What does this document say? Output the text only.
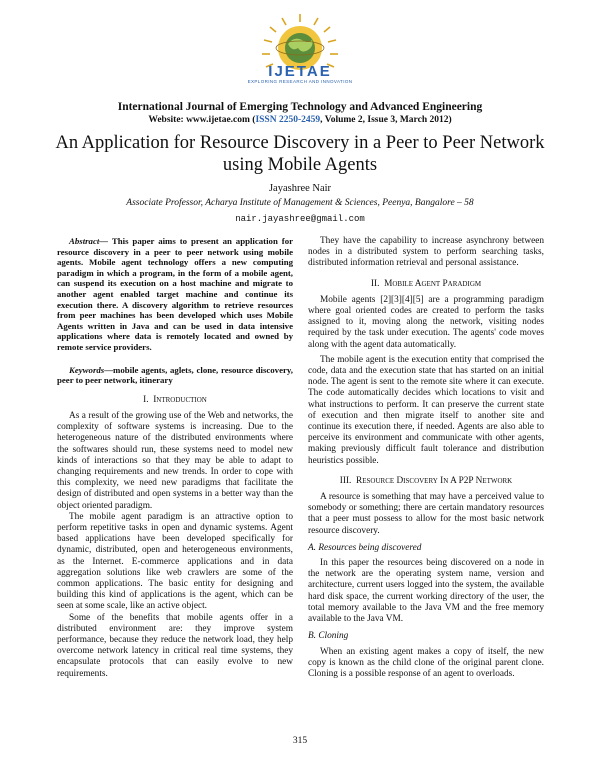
IJETAE
EXPLORING RESEARCH AND INNOVATION
International Journal of Emerging Technology and Advanced Engineering
Website: www.ijetae.com (ISSN 2250-2459, Volume 2, Issue 3, March 2012)
An Application for Resource Discovery in a Peer to Peer Network using Mobile Agents
Jayashree Nair
Associate Professor, Acharya Institute of Management & Sciences, Peenya, Bangalore – 58
nair.jayashree@gmail.com

Abstract— This paper aims to present an application for resource discovery in a peer to peer network using mobile agents. Mobile agent technology offers a new computing paradigm in which a program, in the form of a mobile agent, can suspend its execution on a host machine and migrate to another agent enabled target machine and continue its execution there. A discovery algorithm to retrieve resources from peer machines has been developed which uses Mobile Agents written in Java and can be used in data intensive applications where data is remotely located and owned by remote service providers.

Keywords—mobile agents, aglets, clone, resource discovery, peer to peer network, itinerary

I. Introduction

As a result of the growing use of the Web and networks, the complexity of software systems is increasing. Due to the heterogeneous nature of the distributed environments where the softwares should run, these systems need to model new kinds of interactions so that they may be able to adapt to changing requirements and new trends. In order to cope with this complexity, we need new paradigms that facilitate the design of distributed and open systems in a better way than the object oriented paradigm.

The mobile agent paradigm is an attractive option to perform repetitive tasks in open and dynamic systems. Agent based applications have been developed specifically for dynamic, distributed, open and heterogeneous environments, as the Internet. E-commerce applications and in data aggregation solutions like web crawlers are some of the common applications. The basic entity for designing and building this kind of applications is the agent, which can be seen at some scale, like an active object.

Some of the benefits that mobile agents offer in a distributed environment are: they improve system performance, because they reduce the network load, they help overcome network latency in critical real time systems, they encapsulate protocols that can easily evolve to new requirements.

They have the capability to increase asynchrony between nodes in a distributed system to perform searching tasks, distributed information retrieval and personal assistance.

II. Mobile Agent Paradigm

Mobile agents [2][3][4][5] are a programming paradigm where goal oriented codes are created to perform the tasks assigned to it, moving along the network, visiting nodes required by the task under execution. The agents' code moves along with the agent data automatically.

The mobile agent is the execution entity that comprised the code, data and the execution state that has started on an initial node. The agent is sent to the remote site where it can execute. The code automatically decides which locations to visit and what instructions to perform. It can preserve the current state of execution and then migrate itself to another site and continue its execution there, if needed. Agents are also able to perceive its environment and communicate with other agents, making previously difficult fault tolerance and distribution heuristics possible.

III. Resource Discovery In A P2P Network

A resource is something that may have a perceived value to somebody or something; there are certain mandatory resources that a peer must possess to allow for the most basic network resource discovery.

A. Resources being discovered

In this paper the resources being discovered on a node in the network are the operating system name, version and architecture, current users logged into the system, the available hard disk space, the current working directory of the user, the total memory available to the Java VM and the free memory available to the Java VM.

B. Cloning

When an existing agent makes a copy of itself, the new copy is known as the child clone of the original parent clone. Cloning is a possible response of an agent to overloads.

315
